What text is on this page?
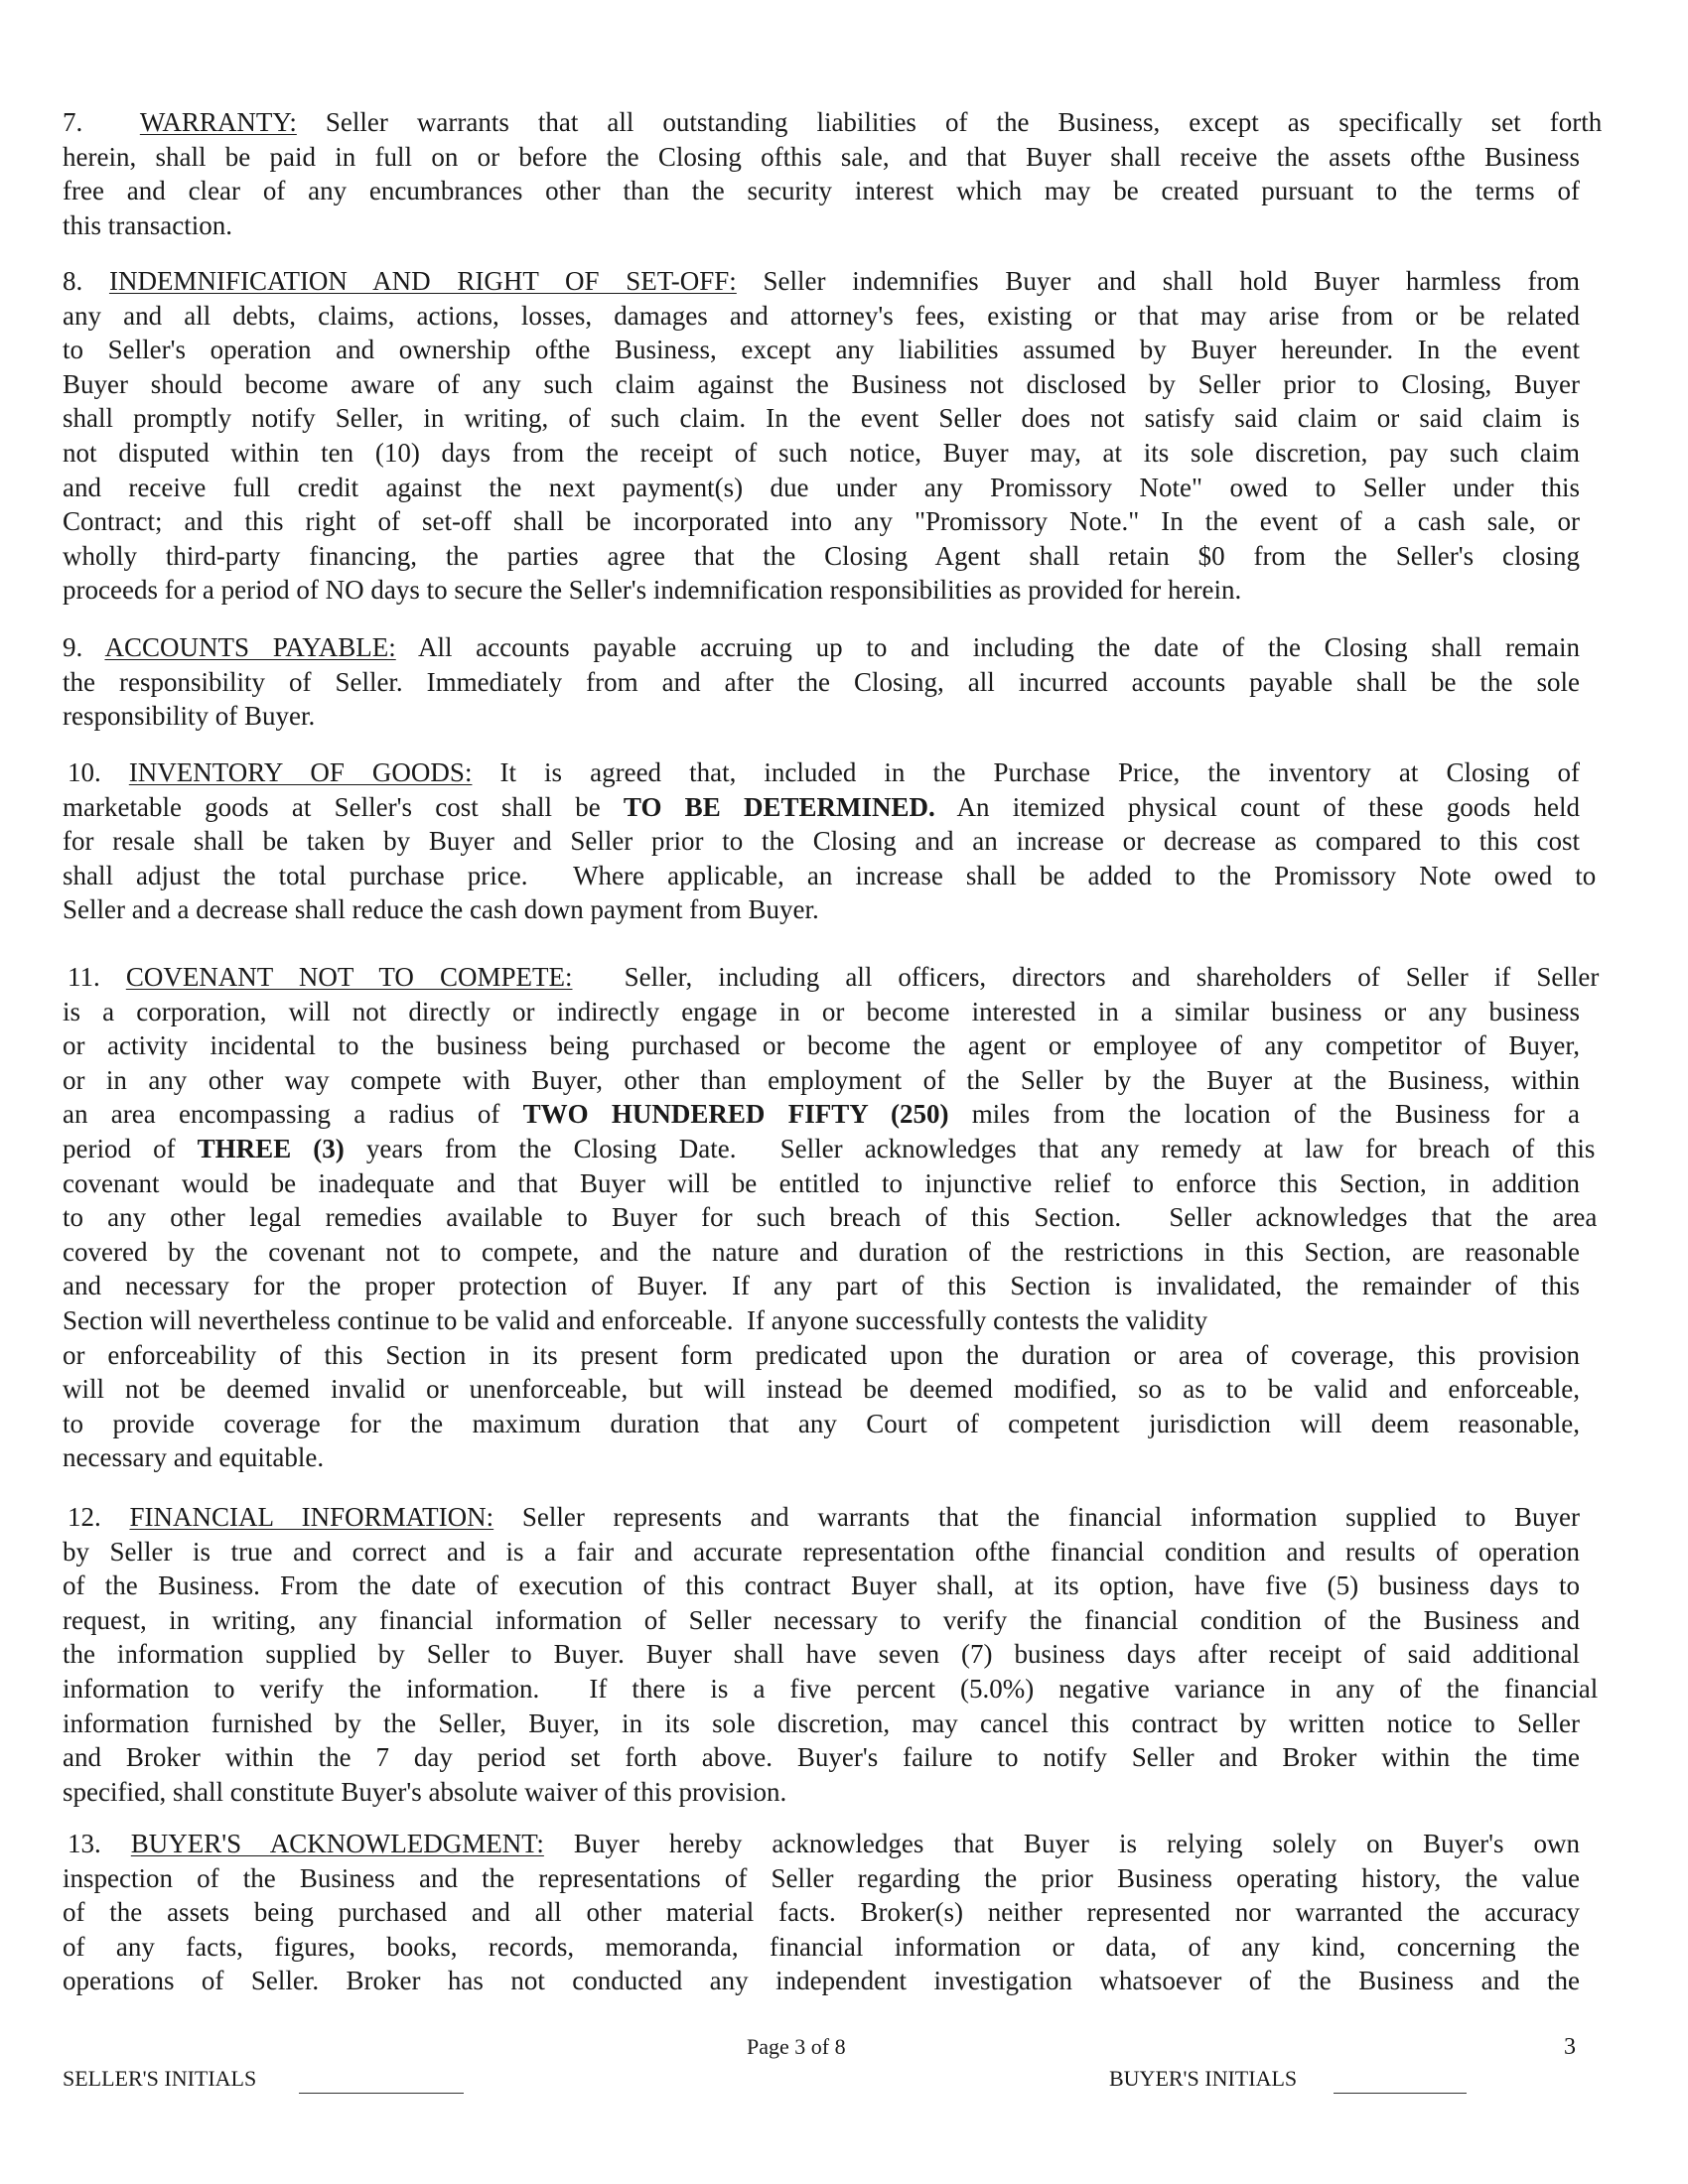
7. WARRANTY: Seller warrants that all outstanding liabilities of the Business, except as specifically set forth
herein, shall be paid in full on or before the Closing ofthis sale, and that Buyer shall receive the assets ofthe Business
free and clear of any encumbrances other than the security interest which may be created pursuant to the terms of
this transaction.
8. INDEMNIFICATION AND RIGHT OF SET-OFF: Seller indemnifies Buyer and shall hold Buyer harmless from
any and all debts, claims, actions, losses, damages and attorney's fees, existing or that may arise from or be related
to Seller's operation and ownership ofthe Business, except any liabilities assumed by Buyer hereunder. In the event
Buyer should become aware of any such claim against the Business not disclosed by Seller prior to Closing, Buyer
shall promptly notify Seller, in writing, of such claim. In the event Seller does not satisfy said claim or said claim is
not disputed within ten (10) days from the receipt of such notice, Buyer may, at its sole discretion, pay such claim
and receive full credit against the next payment(s) due under any Promissory Note" owed to Seller under this
Contract; and this right of set-off shall be incorporated into any "Promissory Note." In the event of a cash sale, or
wholly third-party financing, the parties agree that the Closing Agent shall retain $0 from the Seller's closing
proceeds for a period of NO days to secure the Seller's indemnification responsibilities as provided for herein.
9. ACCOUNTS PAYABLE: All accounts payable accruing up to and including the date of the Closing shall remain
the responsibility of Seller. Immediately from and after the Closing, all incurred accounts payable shall be the sole
responsibility of Buyer.
10. INVENTORY OF GOODS: It is agreed that, included in the Purchase Price, the inventory at Closing of
marketable goods at Seller's cost shall be TO BE DETERMINED. An itemized physical count of these goods held
for resale shall be taken by Buyer and Seller prior to the Closing and an increase or decrease as compared to this cost
shall adjust the total purchase price.  Where applicable, an increase shall be added to the Promissory Note owed to
Seller and a decrease shall reduce the cash down payment from Buyer.
11. COVENANT NOT TO COMPETE:  Seller, including all officers, directors and shareholders of Seller if Seller
is a corporation, will not directly or indirectly engage in or become interested in a similar business or any business
or activity incidental to the business being purchased or become the agent or employee of any competitor of Buyer,
or in any other way compete with Buyer, other than employment of the Seller by the Buyer at the Business, within
an area encompassing a radius of TWO HUNDERED FIFTY (250) miles from the location of the Business for a
period of THREE (3) years from the Closing Date.  Seller acknowledges that any remedy at law for breach of this
covenant would be inadequate and that Buyer will be entitled to injunctive relief to enforce this Section, in addition
to any other legal remedies available to Buyer for such breach of this Section.  Seller acknowledges that the area
covered by the covenant not to compete, and the nature and duration of the restrictions in this Section, are reasonable
and necessary for the proper protection of Buyer. If any part of this Section is invalidated, the remainder of this
Section will nevertheless continue to be valid and enforceable.  If anyone successfully contests the validity
or enforceability of this Section in its present form predicated upon the duration or area of coverage, this provision
will not be deemed invalid or unenforceable, but will instead be deemed modified, so as to be valid and enforceable,
to provide coverage for the maximum duration that any Court of competent jurisdiction will deem reasonable,
necessary and equitable.
12. FINANCIAL INFORMATION: Seller represents and warrants that the financial information supplied to Buyer
by Seller is true and correct and is a fair and accurate representation ofthe financial condition and results of operation
of the Business. From the date of execution of this contract Buyer shall, at its option, have five (5) business days to
request, in writing, any financial information of Seller necessary to verify the financial condition of the Business and
the information supplied by Seller to Buyer. Buyer shall have seven (7) business days after receipt of said additional
information to verify the information.  If there is a five percent (5.0%) negative variance in any of the financial
information furnished by the Seller, Buyer, in its sole discretion, may cancel this contract by written notice to Seller
and Broker within the 7 day period set forth above. Buyer's failure to notify Seller and Broker within the time
specified, shall constitute Buyer's absolute waiver of this provision.
13. BUYER'S ACKNOWLEDGMENT: Buyer hereby acknowledges that Buyer is relying solely on Buyer's own
inspection of the Business and the representations of Seller regarding the prior Business operating history, the value
of the assets being purchased and all other material facts. Broker(s) neither represented nor warranted the accuracy
of any facts, figures, books, records, memoranda, financial information or data, of any kind, concerning the
operations of Seller. Broker has not conducted any independent investigation whatsoever of the Business and the
Page 3 of 8	3
SELLER'S INITIALS	BUYER'S INITIALS
